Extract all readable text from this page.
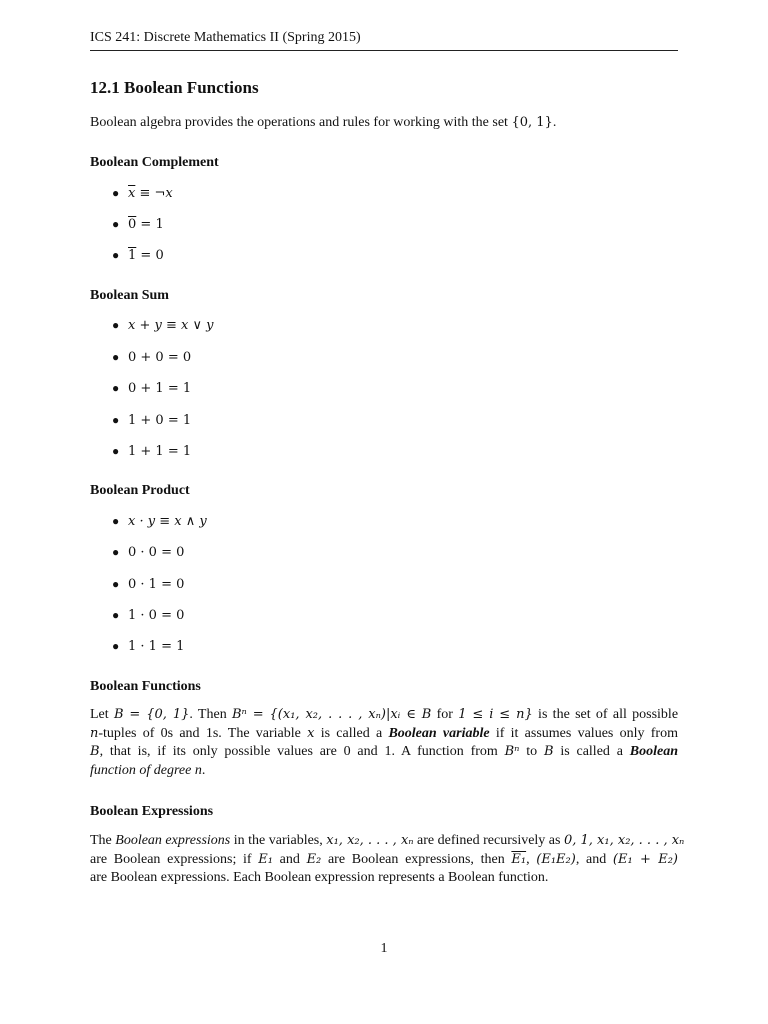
ICS 241: Discrete Mathematics II (Spring 2015)
12.1 Boolean Functions
Boolean algebra provides the operations and rules for working with the set {0, 1}.
Boolean Complement
● $\overline{x}$ ≡ ¬x
● 0 = 1
● 1 = 0
Boolean Sum
● x + y ≡ x ∨ y
● 0 + 0 = 0
● 0 + 1 = 1
● 1 + 0 = 1
● 1 + 1 = 1
Boolean Product
● x · y ≡ x ∧ y
● 0 · 0 = 0
● 0 · 1 = 0
● 1 · 0 = 0
● 1 · 1 = 1
Boolean Functions
Let B = {0, 1}. Then Bⁿ = {(x₁, x₂, . . . , xₙ)|xᵢ ∈ B for 1 ≤ i ≤ n} is the set of all possible
n-tuples of 0s and 1s. The variable x is called a Boolean variable if it assumes values only from
B, that is, if its only possible values are 0 and 1. A function from Bⁿ to B is called a Boolean
function of degree n.
Boolean Expressions
The Boolean expressions in the variables, x₁, x₂, . . . , xₙ are defined recursively as 0, 1, x₁, x₂, . . . , xₙ
are Boolean expressions; if E₁ and E₂ are Boolean expressions, then E₁, (E₁E₂), and (E₁ + E₂)
are Boolean expressions. Each Boolean expression represents a Boolean function.
1
